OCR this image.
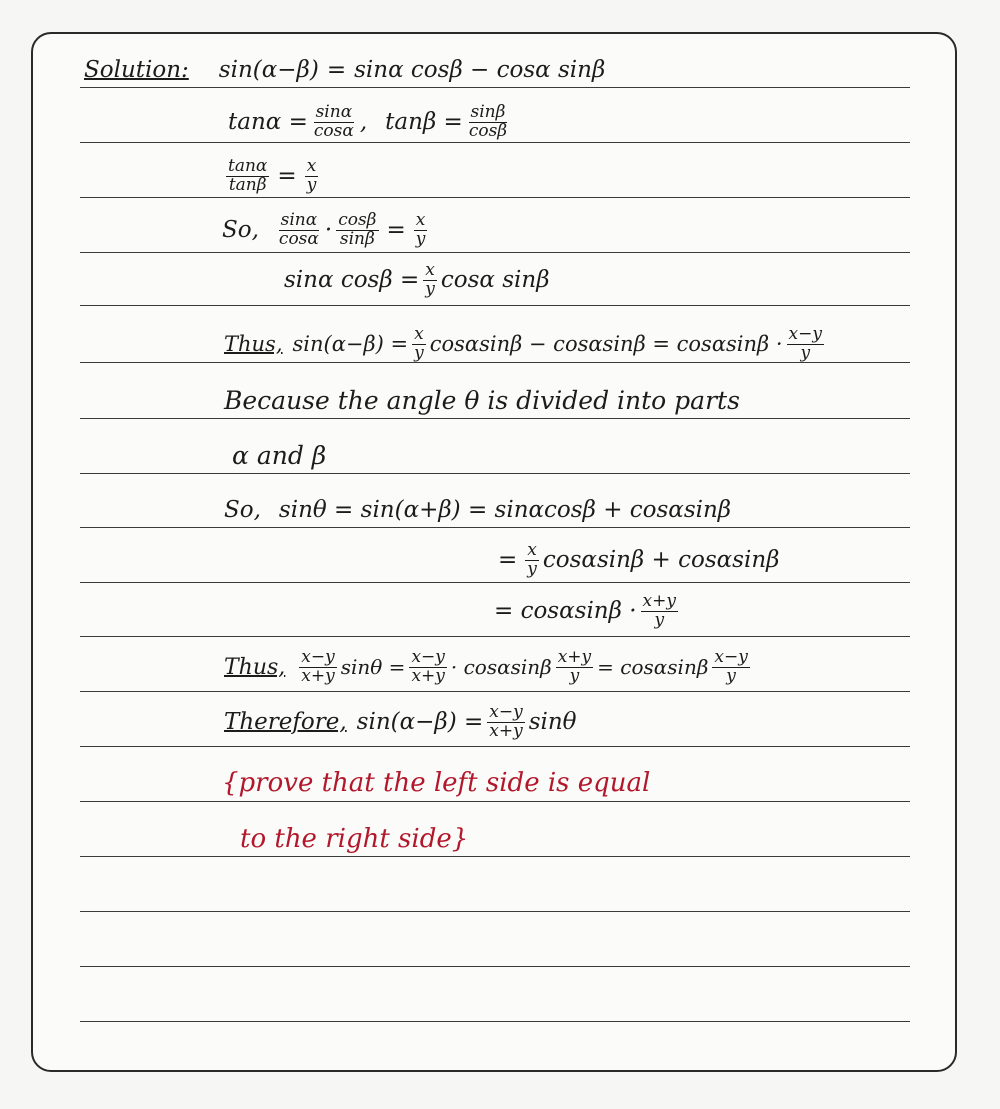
Solution: sin(α−β) = sinα cosβ − cosα sinβ
$\tan\alpha = \frac{\sin\alpha}{\cos\alpha}$ , $\tan\beta = \frac{\sin\beta}{\cos\beta}$
$\frac{\tan\alpha}{\tan\beta} = \frac{x}{y}$
So, $\frac{\sin\alpha}{\cos\alpha} \cdot \frac{\cos\beta}{\sin\beta} = \frac{x}{y}$
sinα $\cos\beta = \frac{x}{y}$ cosα sinβ
Thus, $\sin(\alpha-\beta) = \frac{x}{y}$ $\cos\alpha\sin\beta - \cos\alpha\sin\beta = \cos\alpha\sin\beta \cdot \frac{x-y}{y}$
Because the angle θ is divided into parts
α and β
So, sinθ = sin(α+β) = sinαcosβ + cosαsinβ
= $\frac{x}{y}$ cosαsinβ + cosαsinβ
= $\cos\alpha\sin\beta \cdot \frac{x+y}{y}$
Thus, $\frac{x-y}{x+y}$ $\sin\theta = \frac{x-y}{x+y} \cdot \cos\alpha\sin\beta \frac{x+y}{y} = \cos\alpha\sin\beta \frac{x-y}{y}$
Therefore, $\sin(\alpha-\beta) = \frac{x-y}{x+y}$ sinθ
{prove that the left side is equal
to the right side}
